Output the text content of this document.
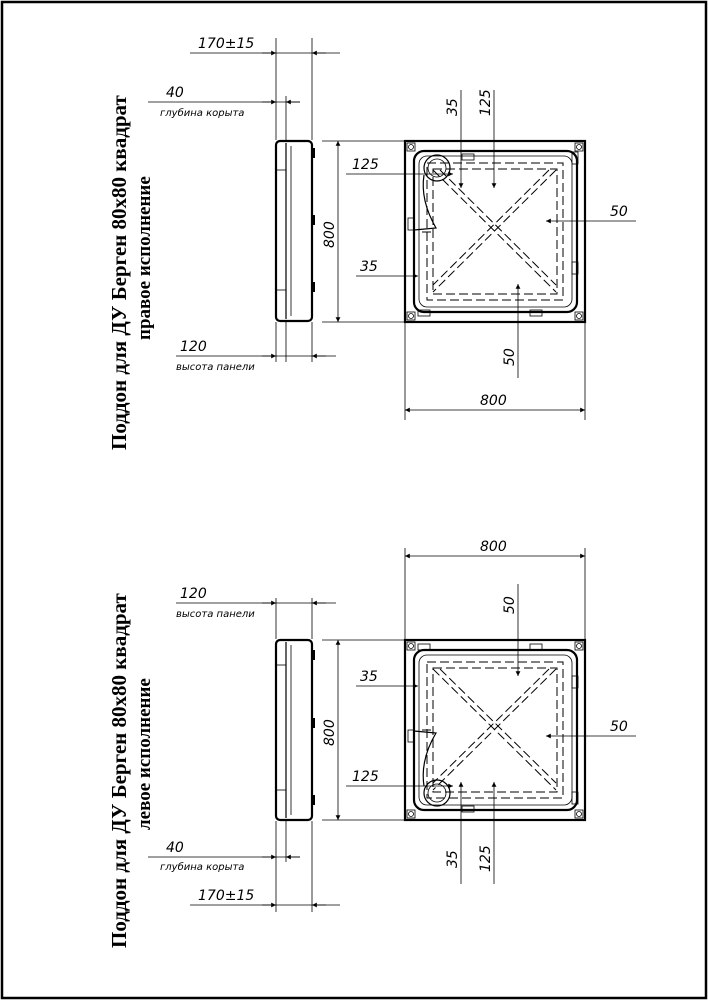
Поддон для ДУ Берген 80х80 квадрат правое исполнение
170±15
40
глубина корыта
120
высота панели
800
800
35 125
125
35
50
50
Поддон для ДУ Берген 80х80 квадрат левое исполнение
120
высота панели
40
глубина корыта
170±15
800
800
50
35
125
50
35 125
